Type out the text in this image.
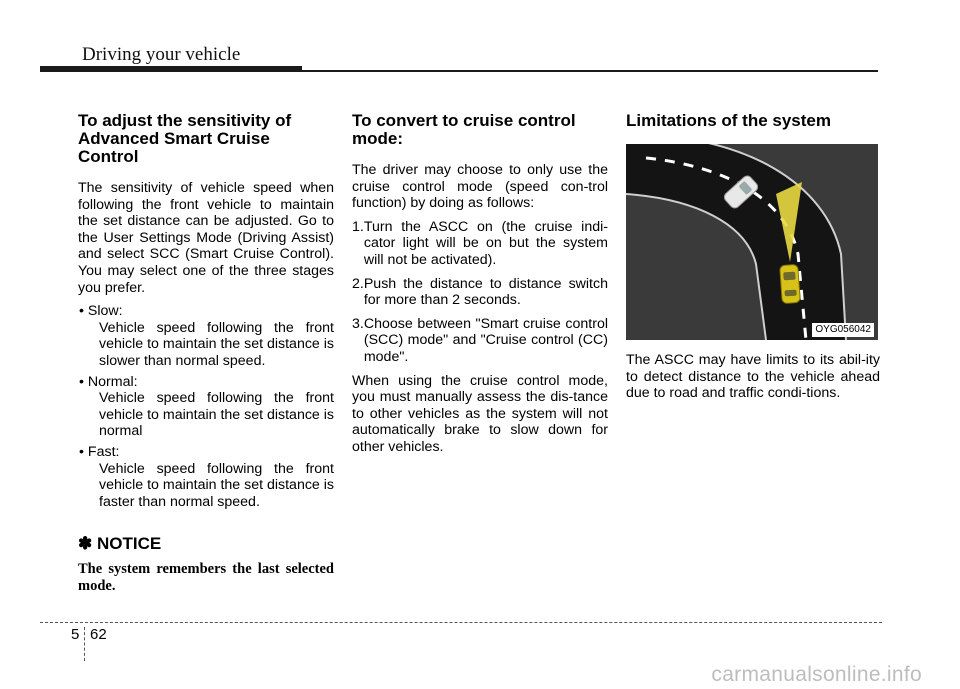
Driving your vehicle
To adjust the sensitivity of Advanced Smart Cruise Control

The sensitivity of vehicle speed when following the front vehicle to maintain the set distance can be adjusted. Go to the User Settings Mode (Driving Assist) and select SCC (Smart Cruise Control). You may select one of the three stages you prefer.

• Slow:
Vehicle speed following the front vehicle to maintain the set distance is slower than normal speed.
• Normal:
Vehicle speed following the front vehicle to maintain the set distance is normal
• Fast:
Vehicle speed following the front vehicle to maintain the set distance is faster than normal speed.
✽ NOTICE
The system remembers the last selected mode.
To convert to cruise control mode:

The driver may choose to only use the cruise control mode (speed con-trol function) by doing as follows:

1. Turn the ASCC on (the cruise indi-cator light will be on but the system will not be activated).
2. Push the distance to distance switch for more than 2 seconds.
3. Choose between "Smart cruise control (SCC) mode" and "Cruise control (CC) mode".

When using the cruise control mode, you must manually assess the dis-tance to other vehicles as the system will not automatically brake to slow down for other vehicles.

Limitations of the system
OYG056042

The ASCC may have limits to its abil-ity to detect distance to the vehicle ahead due to road and traffic condi-tions.

5 62
carmanualsonline.info
